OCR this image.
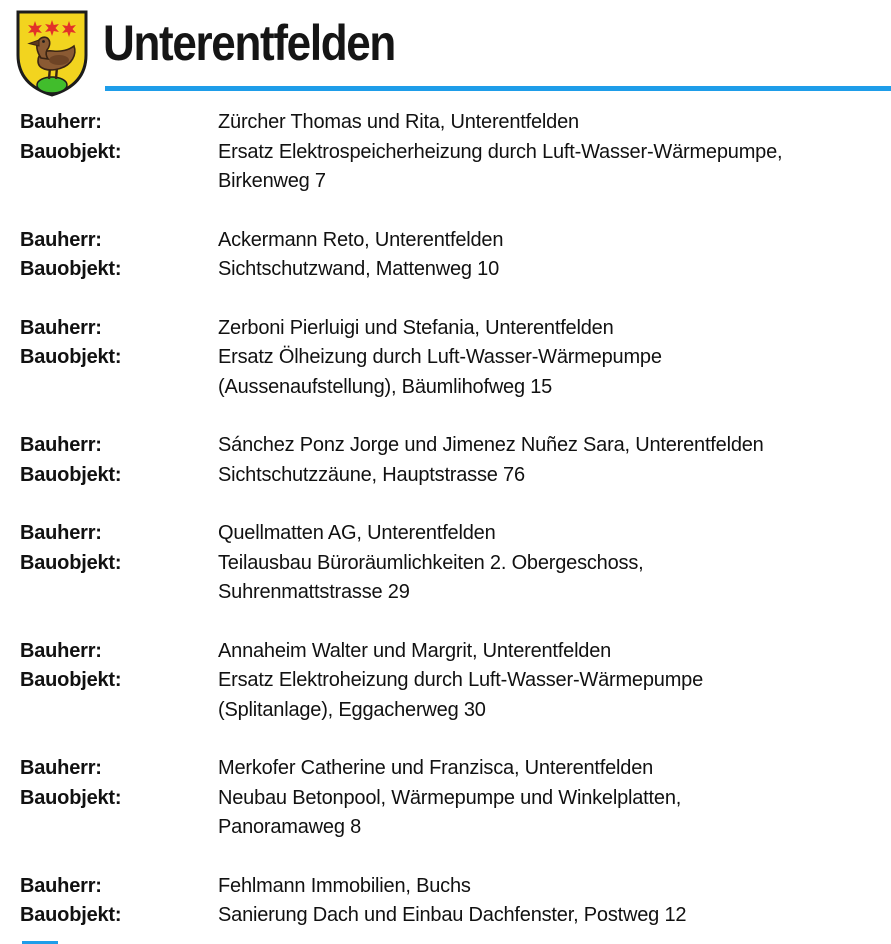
Unterentfelden
Bauherr:	Zürcher Thomas und Rita, Unterentfelden
Bauobjekt:	Ersatz Elektrospeicherheizung durch Luft-Wasser-Wärmepumpe,
Birkenweg 7
Bauherr:	Ackermann Reto, Unterentfelden
Bauobjekt:	Sichtschutzwand, Mattenweg 10
Bauherr:	Zerboni Pierluigi und Stefania, Unterentfelden
Bauobjekt:	Ersatz Ölheizung durch Luft-Wasser-Wärmepumpe
(Aussenaufstellung), Bäumlihofweg 15
Bauherr:	Sánchez Ponz Jorge und Jimenez Nuñez Sara, Unterentfelden
Bauobjekt:	Sichtschutzzäune, Hauptstrasse 76
Bauherr:	Quellmatten AG, Unterentfelden
Bauobjekt:	Teilausbau Büroräumlichkeiten 2. Obergeschoss,
Suhrenmattstrasse 29
Bauherr:	Annaheim Walter und Margrit, Unterentfelden
Bauobjekt:	Ersatz Elektroheizung durch Luft-Wasser-Wärmepumpe
(Splitanlage), Eggacherweg 30
Bauherr:	Merkofer Catherine und Franzisca, Unterentfelden
Bauobjekt:	Neubau Betonpool, Wärmepumpe und Winkelplatten,
Panoramaweg 8
Bauherr:	Fehlmann Immobilien, Buchs
Bauobjekt:	Sanierung Dach und Einbau Dachfenster, Postweg 12
